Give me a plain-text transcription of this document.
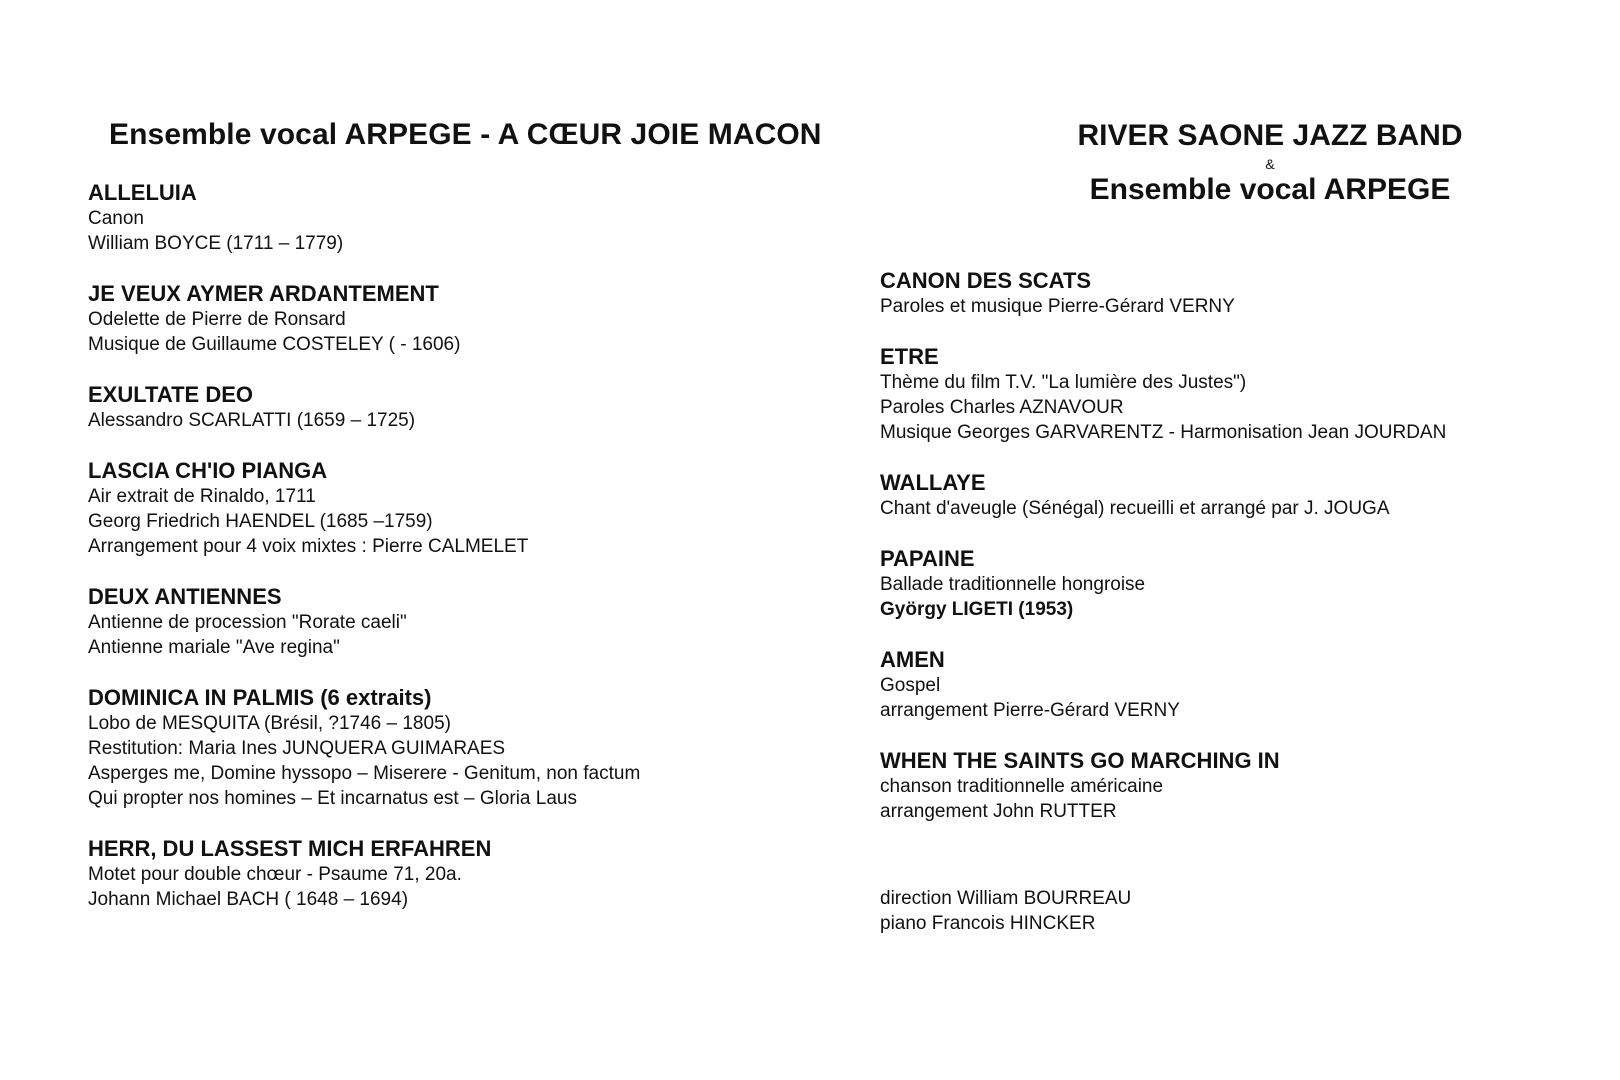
Ensemble vocal ARPEGE - A CŒUR JOIE MACON	RIVER SAONE JAZZ BAND
&
Ensemble vocal ARPEGE
ALLELUIA
Canon
William BOYCE (1711 – 1779)
JE VEUX AYMER ARDANTEMENT
Odelette de Pierre de Ronsard
Musique de Guillaume COSTELEY ( - 1606)
EXULTATE DEO
Alessandro SCARLATTI (1659 – 1725)
LASCIA CH'IO PIANGA
Air extrait de Rinaldo, 1711
Georg Friedrich HAENDEL (1685 –1759)
Arrangement pour 4 voix mixtes : Pierre CALMELET
DEUX ANTIENNES
Antienne de procession "Rorate caeli"
Antienne mariale "Ave regina"
DOMINICA IN PALMIS (6 extraits)
Lobo de MESQUITA (Brésil, ?1746 – 1805)
Restitution: Maria Ines JUNQUERA GUIMARAES
Asperges me, Domine hyssopo – Miserere - Genitum, non factum
Qui propter nos homines – Et incarnatus est – Gloria Laus
HERR, DU LASSEST MICH ERFAHREN
Motet pour double chœur - Psaume 71, 20a.
Johann Michael BACH ( 1648 – 1694)
CANON DES SCATS
Paroles et musique Pierre-Gérard VERNY
ETRE
Thème du film T.V. "La lumière des Justes")
Paroles Charles AZNAVOUR
Musique Georges GARVARENTZ - Harmonisation Jean JOURDAN
WALLAYE
Chant d'aveugle (Sénégal) recueilli et arrangé par J. JOUGA
PAPAINE
Ballade traditionnelle hongroise
György LIGETI (1953)
AMEN
Gospel
arrangement Pierre-Gérard VERNY
WHEN THE SAINTS GO MARCHING IN
chanson traditionnelle américaine
arrangement John RUTTER
direction William BOURREAU
piano Francois HINCKER
